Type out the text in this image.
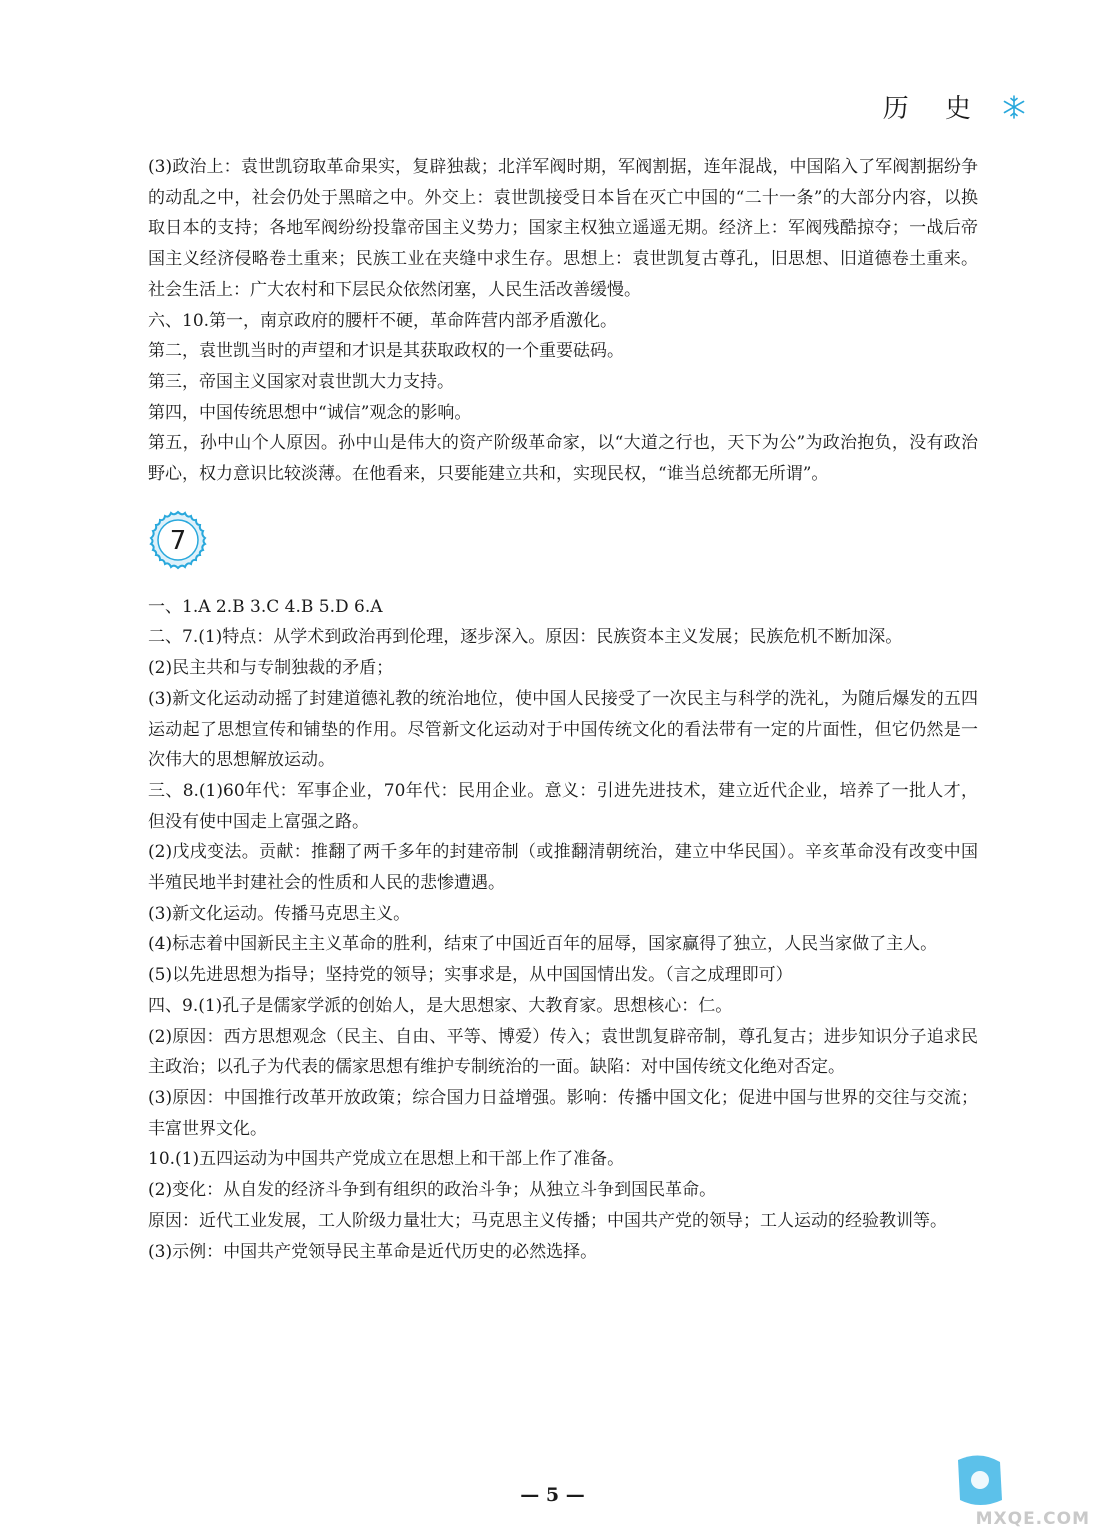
历 史

(3)政治上：袁世凯窃取革命果实，复辟独裁；北洋军阀时期，军阀割据，连年混战，中国陷入了军阀割据纷争的动乱之中，社会仍处于黑暗之中。外交上：袁世凯接受日本旨在灭亡中国的“二十一条”的大部分内容，以换取日本的支持；各地军阀纷纷投靠帝国主义势力；国家主权独立遥遥无期。经济上：军阀残酷掠夺；一战后帝国主义经济侵略卷土重来；民族工业在夹缝中求生存。思想上：袁世凯复古尊孔，旧思想、旧道德卷土重来。社会生活上：广大农村和下层民众依然闭塞，人民生活改善缓慢。

六、10.第一，南京政府的腰杆不硬，革命阵营内部矛盾激化。

第二，袁世凯当时的声望和才识是其获取政权的一个重要砝码。

第三，帝国主义国家对袁世凯大力支持。

第四，中国传统思想中“诚信”观念的影响。

第五，孙中山个人原因。孙中山是伟大的资产阶级革命家，以“大道之行也，天下为公”为政治抱负，没有政治野心，权力意识比较淡薄。在他看来，只要能建立共和，实现民权，“谁当总统都无所谓”。

7

一、1.A 2.B 3.C 4.B 5.D 6.A

二、7.(1)特点：从学术到政治再到伦理，逐步深入。原因：民族资本主义发展；民族危机不断加深。

(2)民主共和与专制独裁的矛盾；

(3)新文化运动动摇了封建道德礼教的统治地位，使中国人民接受了一次民主与科学的洗礼，为随后爆发的五四运动起了思想宣传和铺垫的作用。尽管新文化运动对于中国传统文化的看法带有一定的片面性，但它仍然是一次伟大的思想解放运动。

三、8.(1)60年代：军事企业，70年代：民用企业。意义：引进先进技术，建立近代企业，培养了一批人才，但没有使中国走上富强之路。

(2)戊戌变法。贡献：推翻了两千多年的封建帝制（或推翻清朝统治，建立中华民国）。辛亥革命没有改变中国半殖民地半封建社会的性质和人民的悲惨遭遇。

(3)新文化运动。传播马克思主义。

(4)标志着中国新民主主义革命的胜利，结束了中国近百年的屈辱，国家赢得了独立，人民当家做了主人。

(5)以先进思想为指导；坚持党的领导；实事求是，从中国国情出发。（言之成理即可）

四、9.(1)孔子是儒家学派的创始人，是大思想家、大教育家。思想核心：仁。

(2)原因：西方思想观念（民主、自由、平等、博爱）传入；袁世凯复辟帝制，尊孔复古；进步知识分子追求民主政治；以孔子为代表的儒家思想有维护专制统治的一面。缺陷：对中国传统文化绝对否定。

(3)原因：中国推行改革开放政策；综合国力日益增强。影响：传播中国文化；促进中国与世界的交往与交流；丰富世界文化。

10.(1)五四运动为中国共产党成立在思想上和干部上作了准备。

(2)变化：从自发的经济斗争到有组织的政治斗争；从独立斗争到国民革命。

原因：近代工业发展，工人阶级力量壮大；马克思主义传播；中国共产党的领导；工人运动的经验教训等。

(3)示例：中国共产党领导民主革命是近代历史的必然选择。

— 5 —
MXQE.COM
